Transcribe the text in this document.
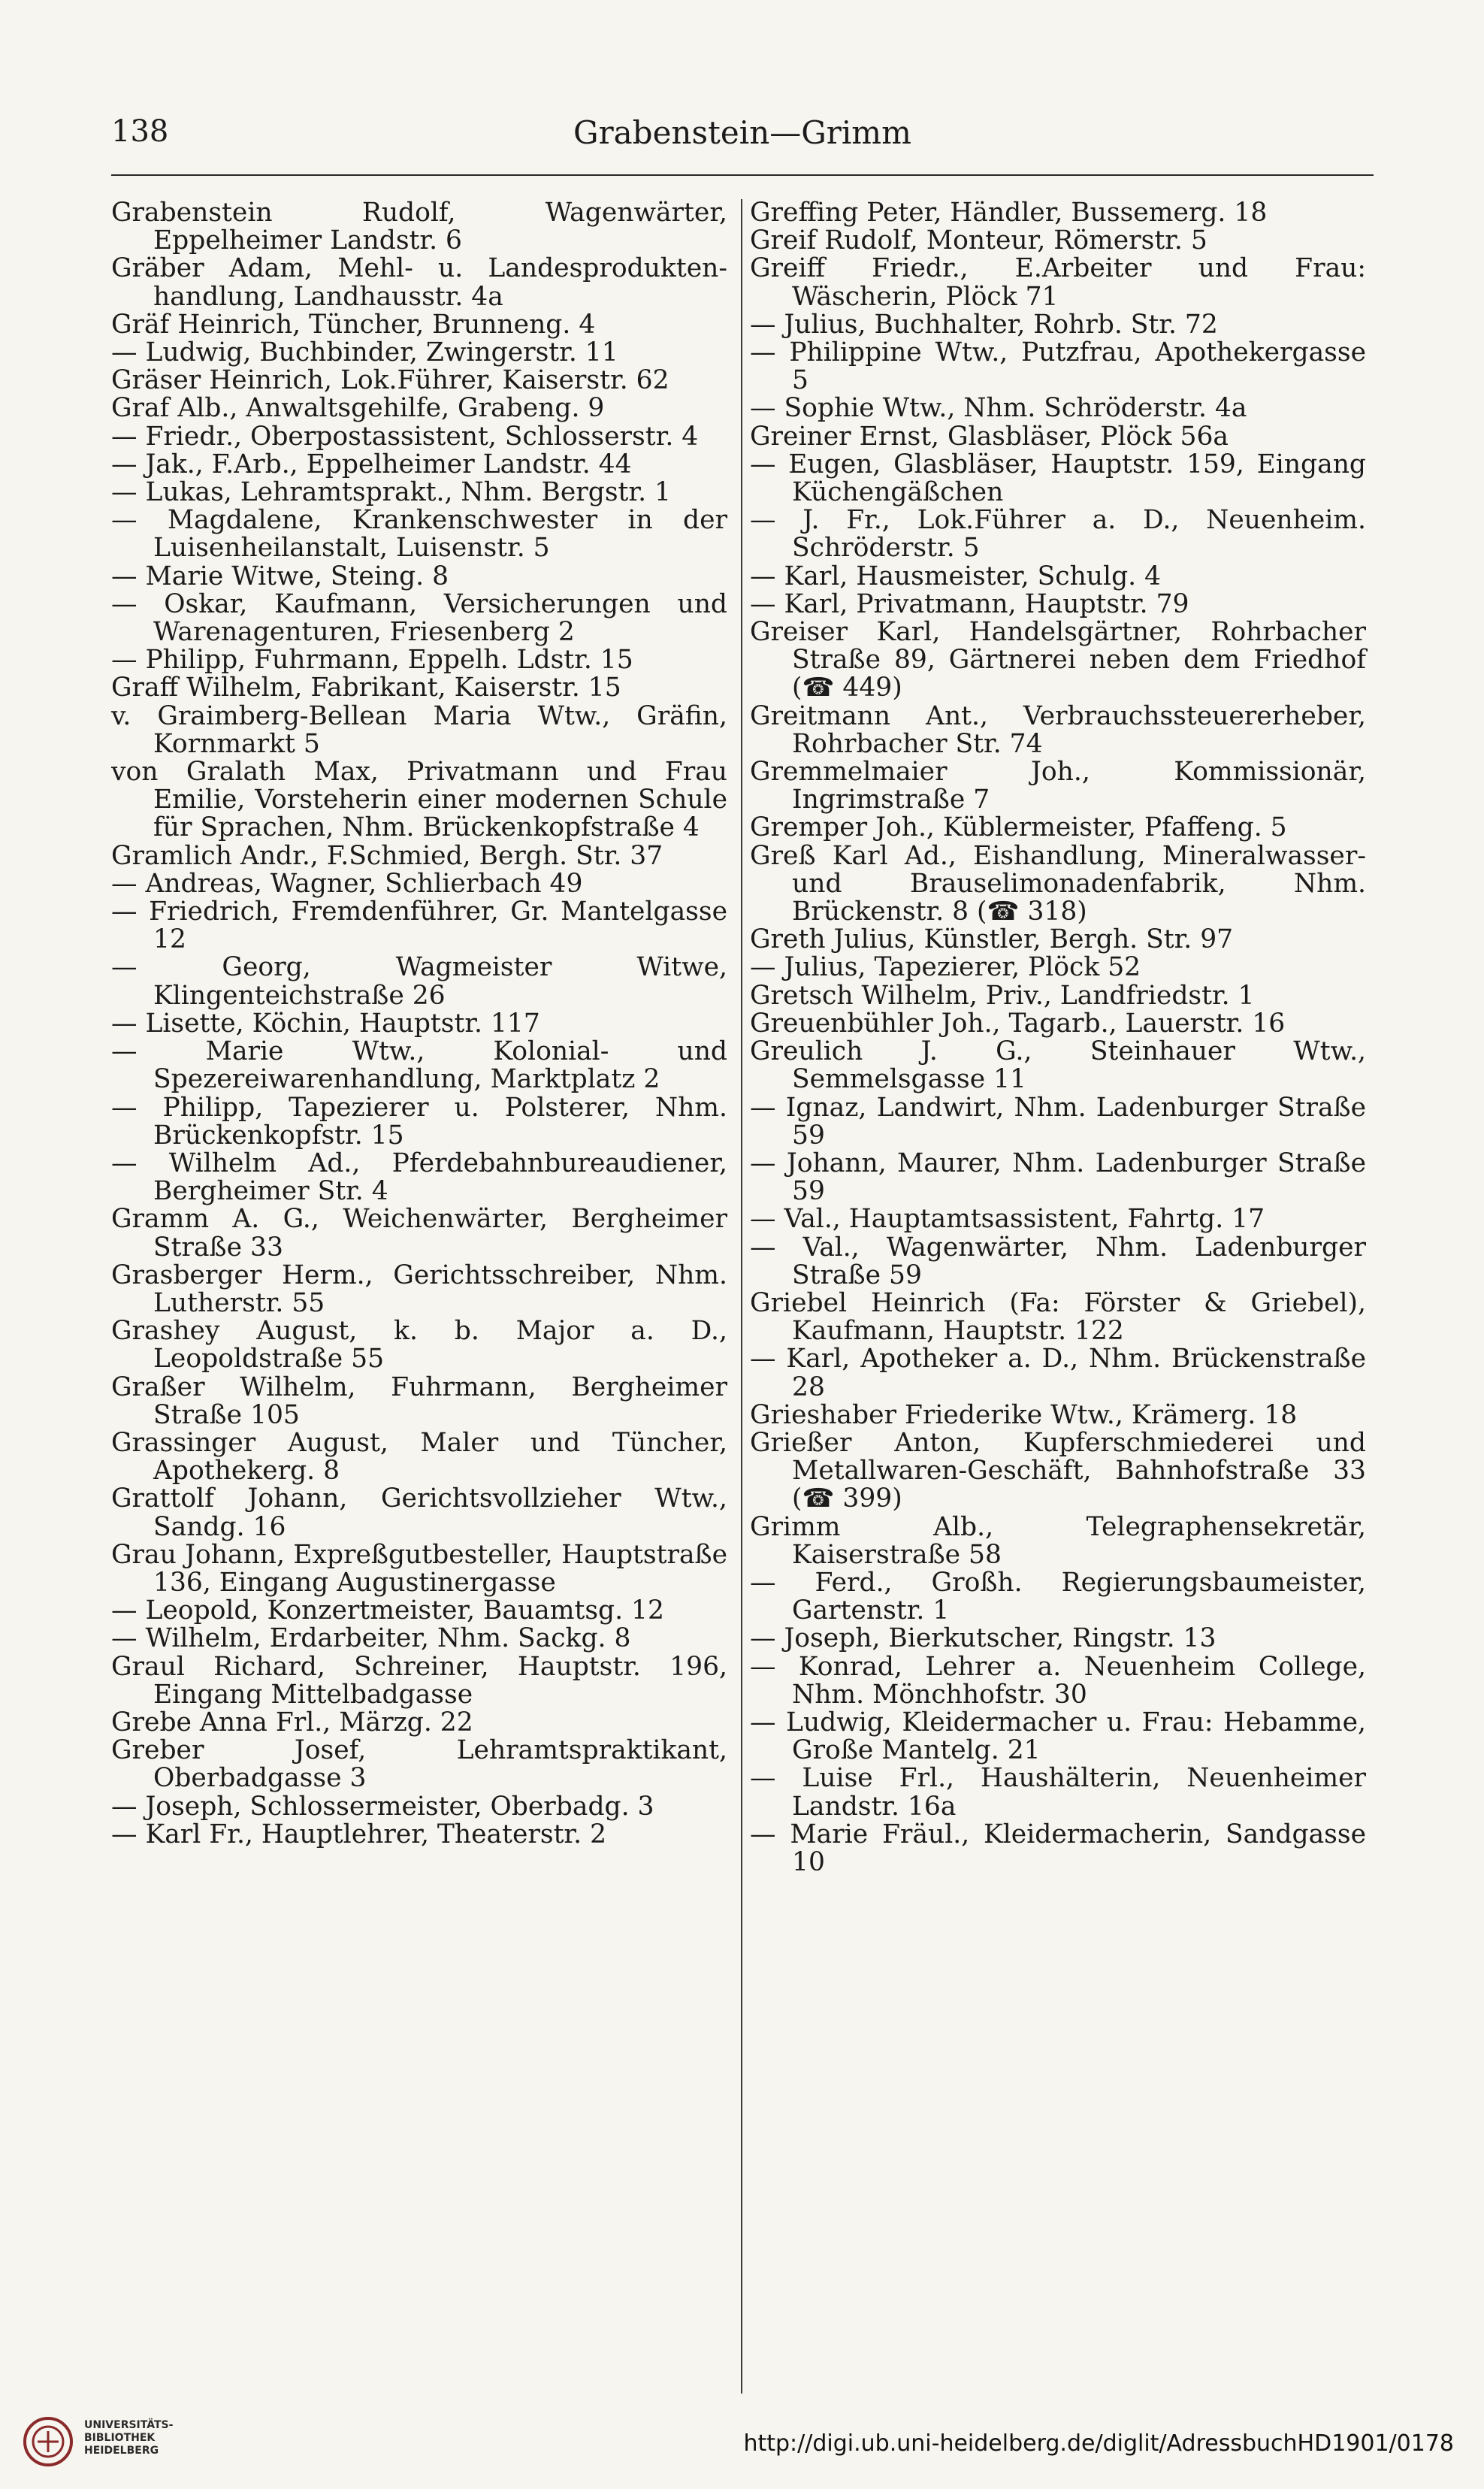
138	Grabenstein—Grimm
Grabenstein Rudolf, Wagenwärter, Eppelheimer Landstr. 6
Gräber Adam, Mehl- u. Landesprodukten-handlung, Landhausstr. 4a
Gräf Heinrich, Tüncher, Brunneng. 4
— Ludwig, Buchbinder, Zwingerstr. 11
Gräser Heinrich, Lok.Führer, Kaiserstr. 62
Graf Alb., Anwaltsgehilfe, Grabeng. 9
— Friedr., Oberpostassistent, Schlosserstr. 4
— Jak., F.Arb., Eppelheimer Landstr. 44
— Lukas, Lehramtsprakt., Nhm. Bergstr. 1
— Magdalene, Krankenschwester in der Luisenheilanstalt, Luisenstr. 5
— Marie Witwe, Steing. 8
— Oskar, Kaufmann, Versicherungen und Warenagenturen, Friesenberg 2
— Philipp, Fuhrmann, Eppelh. Ldstr. 15
Graff Wilhelm, Fabrikant, Kaiserstr. 15
v. Graimberg-Bellean Maria Wtw., Gräfin, Kornmarkt 5
von Gralath Max, Privatmann und Frau Emilie, Vorsteherin einer modernen Schule für Sprachen, Nhm. Brückenkopfstraße 4
Gramlich Andr., F.Schmied, Bergh. Str. 37
— Andreas, Wagner, Schlierbach 49
— Friedrich, Fremdenführer, Gr. Mantelgasse 12
— Georg, Wagmeister Witwe, Klingenteichstraße 26
— Lisette, Köchin, Hauptstr. 117
— Marie Wtw., Kolonial- und Spezereiwarenhandlung, Marktplatz 2
— Philipp, Tapezierer u. Polsterer, Nhm. Brückenkopfstr. 15
— Wilhelm Ad., Pferdebahnbureaudiener, Bergheimer Str. 4
Gramm A. G., Weichenwärter, Bergheimer Straße 33
Grasberger Herm., Gerichtsschreiber, Nhm. Lutherstr. 55
Grashey August, k. b. Major a. D., Leopoldstraße 55
Graßer Wilhelm, Fuhrmann, Bergheimer Straße 105
Grassinger August, Maler und Tüncher, Apothekerg. 8
Grattolf Johann, Gerichtsvollzieher Wtw., Sandg. 16
Grau Johann, Expreßgutbesteller, Hauptstraße 136, Eingang Augustinergasse
— Leopold, Konzertmeister, Bauamtsg. 12
— Wilhelm, Erdarbeiter, Nhm. Sackg. 8
Graul Richard, Schreiner, Hauptstr. 196, Eingang Mittelbadgasse
Grebe Anna Frl., Märzg. 22
Greber Josef, Lehramtspraktikant, Oberbadgasse 3
— Joseph, Schlossermeister, Oberbadg. 3
— Karl Fr., Hauptlehrer, Theaterstr. 2
Greffing Peter, Händler, Bussemerg. 18
Greif Rudolf, Monteur, Römerstr. 5
Greiff Friedr., E.Arbeiter und Frau: Wäscherin, Plöck 71
— Julius, Buchhalter, Rohrb. Str. 72
— Philippine Wtw., Putzfrau, Apothekergasse 5
— Sophie Wtw., Nhm. Schröderstr. 4a
Greiner Ernst, Glasbläser, Plöck 56a
— Eugen, Glasbläser, Hauptstr. 159, Eingang Küchengäßchen
— J. Fr., Lok.Führer a. D., Neuenheim. Schröderstr. 5
— Karl, Hausmeister, Schulg. 4
— Karl, Privatmann, Hauptstr. 79
Greiser Karl, Handelsgärtner, Rohrbacher Straße 89, Gärtnerei neben dem Friedhof (☎ 449)
Greitmann Ant., Verbrauchssteuererheber, Rohrbacher Str. 74
Gremmelmaier Joh., Kommissionär, Ingrimstraße 7
Gremper Joh., Küblermeister, Pfaffeng. 5
Greß Karl Ad., Eishandlung, Mineralwasser- und Brauselimonadenfabrik, Nhm. Brückenstr. 8 (☎ 318)
Greth Julius, Künstler, Bergh. Str. 97
— Julius, Tapezierer, Plöck 52
Gretsch Wilhelm, Priv., Landfriedstr. 1
Greuenbühler Joh., Tagarb., Lauerstr. 16
Greulich J. G., Steinhauer Wtw., Semmelsgasse 11
— Ignaz, Landwirt, Nhm. Ladenburger Straße 59
— Johann, Maurer, Nhm. Ladenburger Straße 59
— Val., Hauptamtsassistent, Fahrtg. 17
— Val., Wagenwärter, Nhm. Ladenburger Straße 59
Griebel Heinrich (Fa: Förster & Griebel), Kaufmann, Hauptstr. 122
— Karl, Apotheker a. D., Nhm. Brückenstraße 28
Grieshaber Friederike Wtw., Krämerg. 18
Grießer Anton, Kupferschmiederei und Metallwaren-Geschäft, Bahnhofstraße 33 (☎ 399)
Grimm Alb., Telegraphensekretär, Kaiserstraße 58
— Ferd., Großh. Regierungsbaumeister, Gartenstr. 1
— Joseph, Bierkutscher, Ringstr. 13
— Konrad, Lehrer a. Neuenheim College, Nhm. Mönchhofstr. 30
— Ludwig, Kleidermacher u. Frau: Hebamme, Große Mantelg. 21
— Luise Frl., Haushälterin, Neuenheimer Landstr. 16a
— Marie Fräul., Kleidermacherin, Sandgasse 10
UNIVERSITÄTS-
BIBLIOTHEK
HEIDELBERG	http://digi.ub.uni-heidelberg.de/diglit/AdressbuchHD1901/0178
